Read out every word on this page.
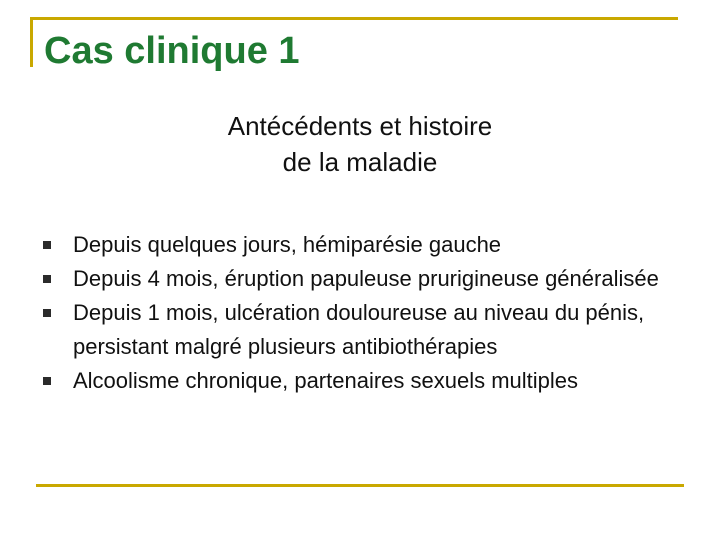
Cas clinique 1
Antécédents et histoire
de la maladie
Depuis quelques jours, hémiparésie gauche
Depuis 4 mois, éruption papuleuse prurigineuse généralisée
Depuis 1 mois, ulcération douloureuse au niveau du pénis, persistant malgré plusieurs antibiothérapies
Alcoolisme chronique, partenaires sexuels multiples
